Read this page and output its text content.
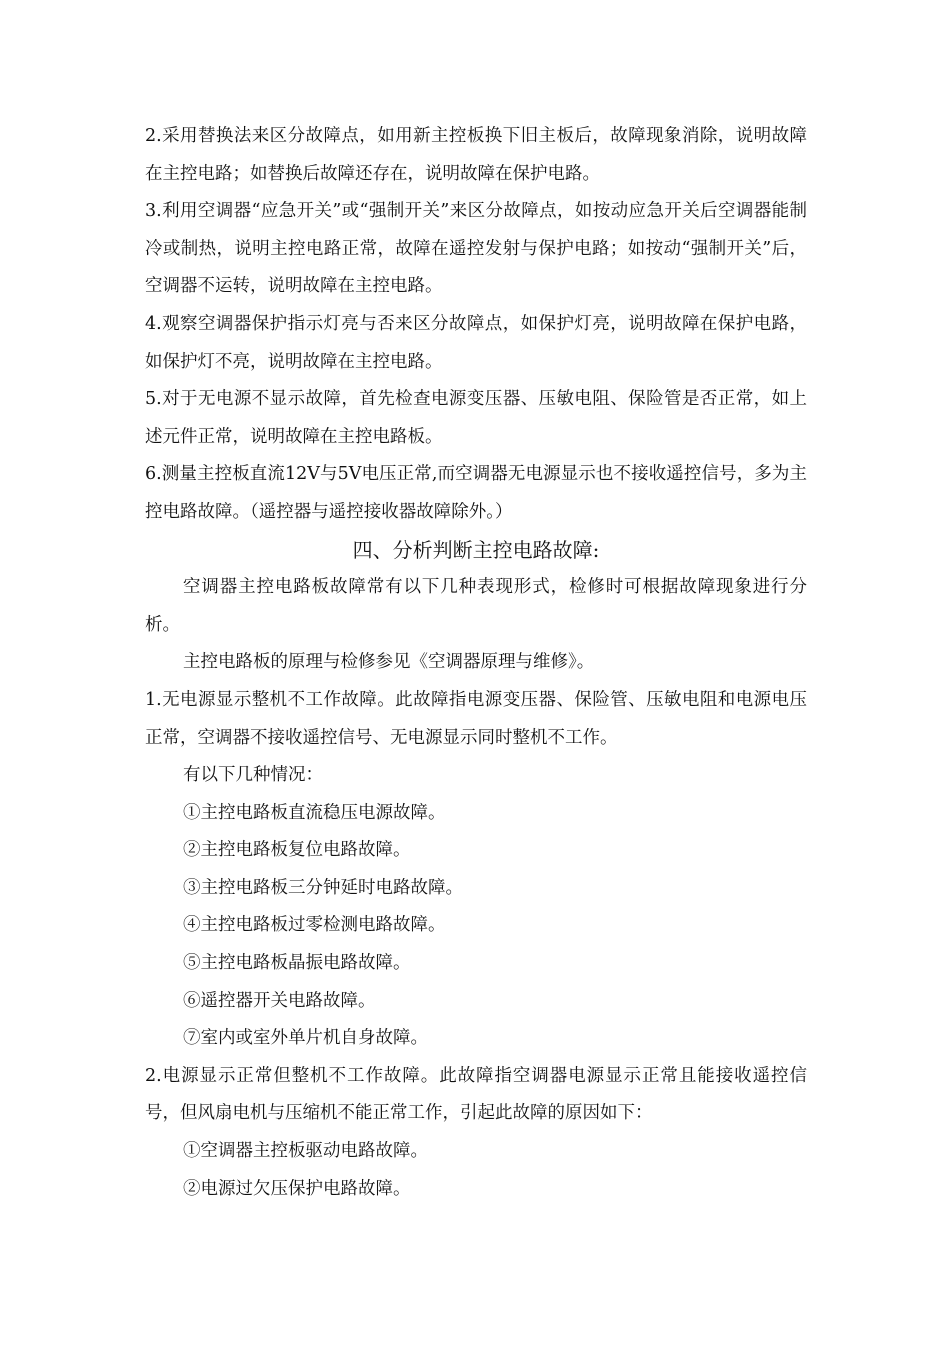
2.采用替换法来区分故障点，如用新主控板换下旧主板后，故障现象消除，说明故障在主控电路；如替换后故障还存在，说明故障在保护电路。

3.利用空调器“应急开关”或“强制开关”来区分故障点，如按动应急开关后空调器能制冷或制热，说明主控电路正常，故障在遥控发射与保护电路；如按动“强制开关”后，空调器不运转，说明故障在主控电路。

4.观察空调器保护指示灯亮与否来区分故障点，如保护灯亮，说明故障在保护电路，如保护灯不亮，说明故障在主控电路。

5.对于无电源不显示故障，首先检查电源变压器、压敏电阻、保险管是否正常，如上述元件正常，说明故障在主控电路板。

6.测量主控板直流12V与5V电压正常,而空调器无电源显示也不接收遥控信号，多为主控电路故障。（遥控器与遥控接收器故障除外。）

四、分析判断主控电路故障:

空调器主控电路板故障常有以下几种表现形式，检修时可根据故障现象进行分析。

主控电路板的原理与检修参见《空调器原理与维修》。

1.无电源显示整机不工作故障。此故障指电源变压器、保险管、压敏电阻和电源电压正常，空调器不接收遥控信号、无电源显示同时整机不工作。

有以下几种情况：

①主控电路板直流稳压电源故障。

②主控电路板复位电路故障。

③主控电路板三分钟延时电路故障。

④主控电路板过零检测电路故障。

⑤主控电路板晶振电路故障。

⑥遥控器开关电路故障。

⑦室内或室外单片机自身故障。

2.电源显示正常但整机不工作故障。此故障指空调器电源显示正常且能接收遥控信号，但风扇电机与压缩机不能正常工作，引起此故障的原因如下：

①空调器主控板驱动电路故障。

②电源过欠压保护电路故障。
